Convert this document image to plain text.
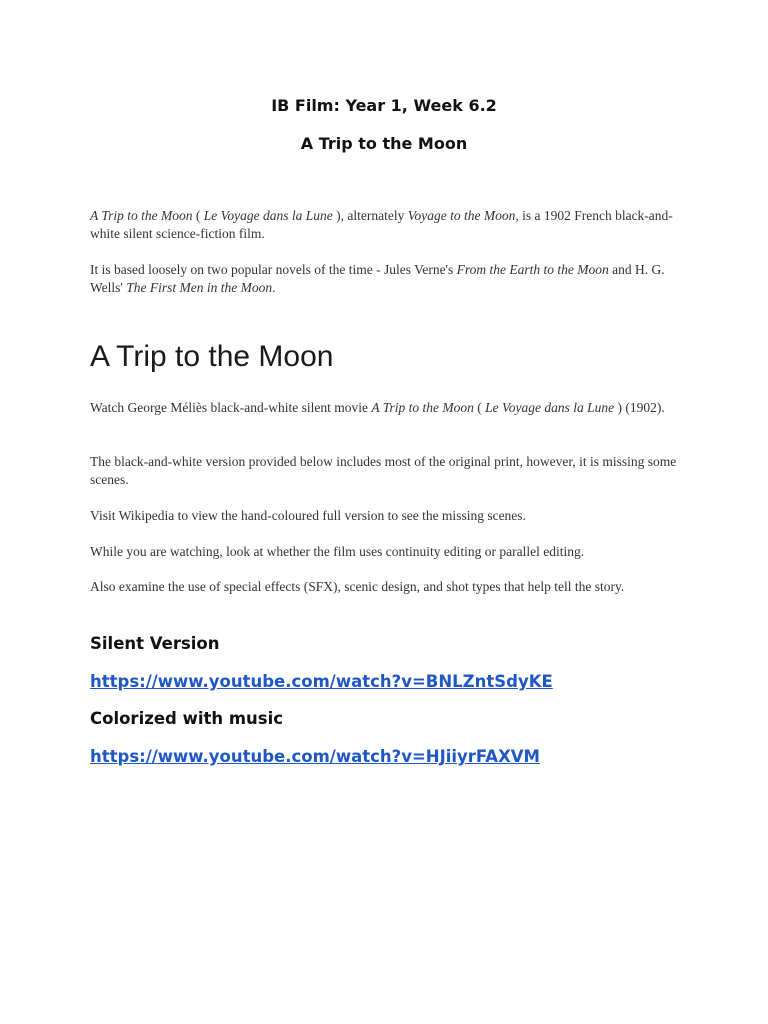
IB Film: Year 1, Week 6.2

A Trip to the Moon

A Trip to the Moon ( Le Voyage dans la Lune ), alternately Voyage to the Moon, is a 1902 French black-and-white silent science-fiction film.

It is based loosely on two popular novels of the time - Jules Verne's From the Earth to the Moon and H. G. Wells' The First Men in the Moon.

A Trip to the Moon

Watch George Méliès black-and-white silent movie A Trip to the Moon ( Le Voyage dans la Lune ) (1902).

The black-and-white version provided below includes most of the original print, however, it is missing some scenes.

Visit Wikipedia to view the hand-coloured full version to see the missing scenes.

While you are watching, look at whether the film uses continuity editing or parallel editing.

Also examine the use of special effects (SFX), scenic design, and shot types that help tell the story.

Silent Version
https://www.youtube.com/watch?v=BNLZntSdyKE
Colorized with music
https://www.youtube.com/watch?v=HJiiyrFAXVM
